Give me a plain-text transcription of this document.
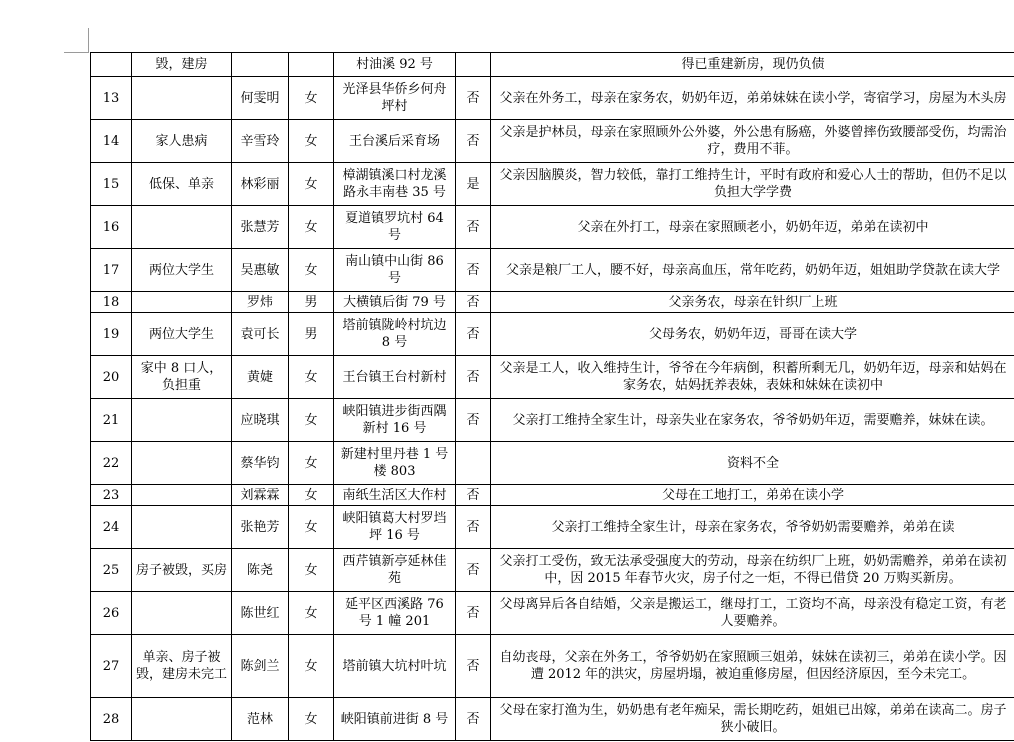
	毁，建房			村油溪 92 号		得已重建新房，现仍负债
13		何雯明	女	光泽县华侨乡何舟坪村	否	父亲在外务工，母亲在家务农，奶奶年迈，弟弟妹妹在读小学，寄宿学习，房屋为木头房
14	家人患病	辛雪玲	女	王台溪后采育场	否	父亲是护林员，母亲在家照顾外公外婆，外公患有肠癌，外婆曾摔伤致腰部受伤，均需治疗，费用不菲。
15	低保、单亲	林彩丽	女	樟湖镇溪口村龙溪路永丰南巷 35 号	是	父亲因脑膜炎，智力较低，靠打工维持生计，平时有政府和爱心人士的帮助，但仍不足以负担大学学费
16		张慧芳	女	夏道镇罗坑村 64 号	否	父亲在外打工，母亲在家照顾老小，奶奶年迈，弟弟在读初中
17	两位大学生	吴惠敏	女	南山镇中山街 86 号	否	父亲是粮厂工人，腰不好，母亲高血压，常年吃药，奶奶年迈，姐姐助学贷款在读大学
18		罗炜	男	大横镇后街 79 号	否	父亲务农，母亲在针织厂上班
19	两位大学生	袁可长	男	塔前镇陇岭村坑边 8 号	否	父母务农，奶奶年迈，哥哥在读大学
20	家中 8 口人，负担重	黄婕	女	王台镇王台村新村	否	父亲是工人，收入维持生计，爷爷在今年病倒，积蓄所剩无几，奶奶年迈，母亲和姑妈在家务农，姑妈抚养表妹，表妹和妹妹在读初中
21		应晓琪	女	峡阳镇进步街西隅新村 16 号	否	父亲打工维持全家生计，母亲失业在家务农，爷爷奶奶年迈，需要赡养，妹妹在读。
22		蔡华钧	女	新建村里丹巷 1 号楼 803		资料不全
23		刘霖霖	女	南纸生活区大作村	否	父母在工地打工，弟弟在读小学
24		张艳芳	女	峡阳镇葛大村罗垱坪 16 号	否	父亲打工维持全家生计，母亲在家务农，爷爷奶奶需要赡养，弟弟在读
25	房子被毁，买房	陈尧	女	西芹镇新亭延林佳苑	否	父亲打工受伤，致无法承受强度大的劳动，母亲在纺织厂上班，奶奶需赡养，弟弟在读初中，因 2015 年春节火灾，房子付之一炬，不得已借贷 20 万购买新房。
26		陈世红	女	延平区西溪路 76 号 1 幢 201	否	父母离异后各自结婚，父亲是搬运工，继母打工，工资均不高，母亲没有稳定工资，有老人要赡养。
27	单亲、房子被毁，建房未完工	陈剑兰	女	塔前镇大坑村叶坑	否	自幼丧母，父亲在外务工，爷爷奶奶在家照顾三姐弟，妹妹在读初三，弟弟在读小学。因遭 2012 年的洪灾，房屋坍塌，被迫重修房屋，但因经济原因，至今未完工。
28		范林	女	峡阳镇前进街 8 号	否	父母在家打渔为生，奶奶患有老年痴呆，需长期吃药，姐姐已出嫁，弟弟在读高二。房子狭小破旧。
